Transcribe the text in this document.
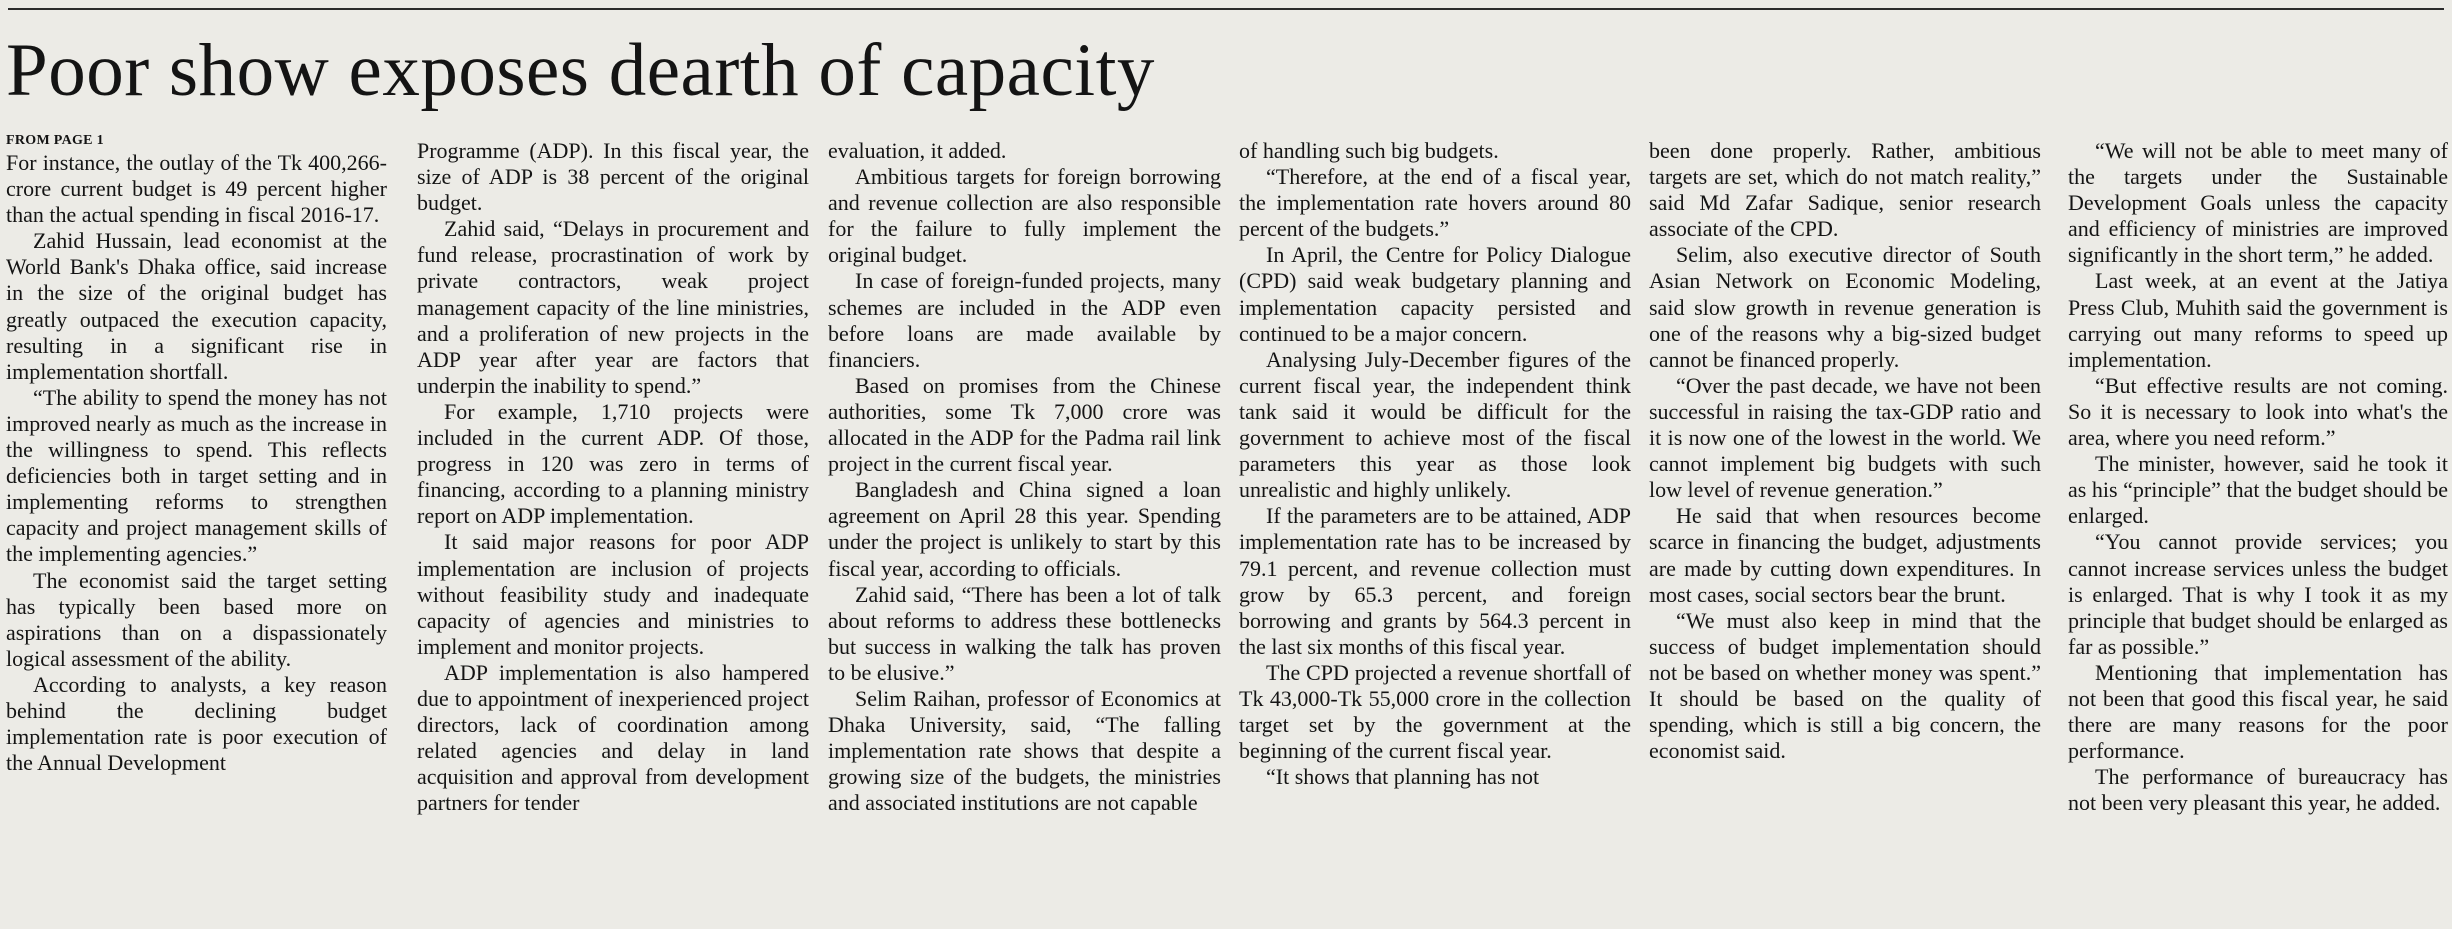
Poor show exposes dearth of capacity

FROM PAGE 1

For instance, the outlay of the Tk 400,266-crore current budget is 49 percent higher than the actual spending in fiscal 2016-17.

Zahid Hussain, lead economist at the World Bank's Dhaka office, said increase in the size of the original budget has greatly outpaced the execution capacity, resulting in a significant rise in implementation shortfall.

“The ability to spend the money has not improved nearly as much as the increase in the willingness to spend. This reflects deficiencies both in target setting and in implementing reforms to strengthen capacity and project management skills of the implementing agencies.”

The economist said the target setting has typically been based more on aspirations than on a dispassionately logical assessment of the ability.

According to analysts, a key reason behind the declining budget implementation rate is poor execution of the Annual Development

Programme (ADP). In this fiscal year, the size of ADP is 38 percent of the original budget.

Zahid said, “Delays in procurement and fund release, procrastination of work by private contractors, weak project management capacity of the line ministries, and a proliferation of new projects in the ADP year after year are factors that underpin the inability to spend.”

For example, 1,710 projects were included in the current ADP. Of those, progress in 120 was zero in terms of financing, according to a planning ministry report on ADP implementation.

It said major reasons for poor ADP implementation are inclusion of projects without feasibility study and inadequate capacity of agencies and ministries to implement and monitor projects.

ADP implementation is also hampered due to appointment of inexperienced project directors, lack of coordination among related agencies and delay in land acquisition and approval from development partners for tender

evaluation, it added.

Ambitious targets for foreign borrowing and revenue collection are also responsible for the failure to fully implement the original budget.

In case of foreign-funded projects, many schemes are included in the ADP even before loans are made available by financiers.

Based on promises from the Chinese authorities, some Tk 7,000 crore was allocated in the ADP for the Padma rail link project in the current fiscal year.

Bangladesh and China signed a loan agreement on April 28 this year. Spending under the project is unlikely to start by this fiscal year, according to officials.

Zahid said, “There has been a lot of talk about reforms to address these bottlenecks but success in walking the talk has proven to be elusive.”

Selim Raihan, professor of Economics at Dhaka University, said, “The falling implementation rate shows that despite a growing size of the budgets, the ministries and associated institutions are not capable

of handling such big budgets.

“Therefore, at the end of a fiscal year, the implementation rate hovers around 80 percent of the budgets.”

In April, the Centre for Policy Dialogue (CPD) said weak budgetary planning and implementation capacity persisted and continued to be a major concern.

Analysing July-December figures of the current fiscal year, the independent think tank said it would be difficult for the government to achieve most of the fiscal parameters this year as those look unrealistic and highly unlikely.

If the parameters are to be attained, ADP implementation rate has to be increased by 79.1 percent, and revenue collection must grow by 65.3 percent, and foreign borrowing and grants by 564.3 percent in the last six months of this fiscal year.

The CPD projected a revenue shortfall of Tk 43,000-Tk 55,000 crore in the collection target set by the government at the beginning of the current fiscal year.

“It shows that planning has not

been done properly. Rather, ambitious targets are set, which do not match reality,” said Md Zafar Sadique, senior research associate of the CPD.

Selim, also executive director of South Asian Network on Economic Modeling, said slow growth in revenue generation is one of the reasons why a big-sized budget cannot be financed properly.

“Over the past decade, we have not been successful in raising the tax-GDP ratio and it is now one of the lowest in the world. We cannot implement big budgets with such low level of revenue generation.”

He said that when resources become scarce in financing the budget, adjustments are made by cutting down expenditures. In most cases, social sectors bear the brunt.

“We must also keep in mind that the success of budget implementation should not be based on whether money was spent.” It should be based on the quality of spending, which is still a big concern, the economist said.

“We will not be able to meet many of the targets under the Sustainable Development Goals unless the capacity and efficiency of ministries are improved significantly in the short term,” he added.

Last week, at an event at the Jatiya Press Club, Muhith said the government is carrying out many reforms to speed up implementation.

“But effective results are not coming. So it is necessary to look into what's the area, where you need reform.”

The minister, however, said he took it as his “principle” that the budget should be enlarged.

“You cannot provide services; you cannot increase services unless the budget is enlarged. That is why I took it as my principle that budget should be enlarged as far as possible.”

Mentioning that implementation has not been that good this fiscal year, he said there are many reasons for the poor performance.

The performance of bureaucracy has not been very pleasant this year, he added.
